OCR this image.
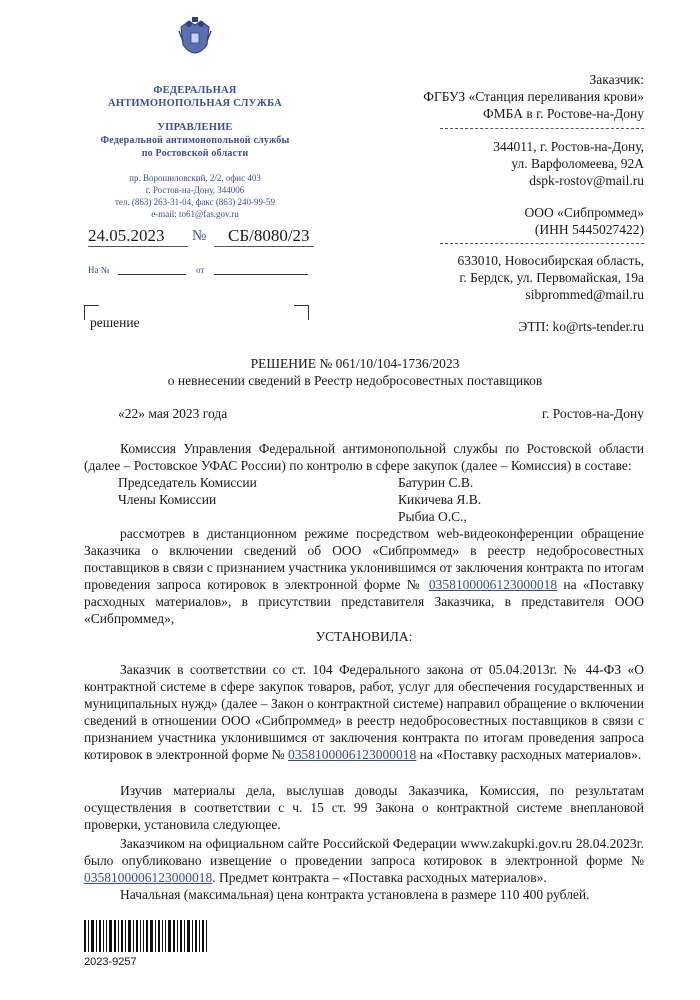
ФЕДЕРАЛЬНАЯ
АНТИМОНОПОЛЬНАЯ СЛУЖБА
УПРАВЛЕНИЕ
Федеральной антимонопольной службы
по Ростовской области
пр. Ворошиловский, 2/2, офис 403
г. Ростов-на-Дону, 344006
тел. (863) 263-31-04, факс (863) 240-99-59
e-mail: to61@fas.gov.ru
24.05.2023	№	СБ/8080/23
На №	от
решение
Заказчик:
ФГБУЗ «Станция переливания крови»
ФМБА в г. Ростове-на-Дону
344011, г. Ростов-на-Дону,
ул. Варфоломеева, 92А
dspk-rostov@mail.ru
ООО «Сибпроммед»
(ИНН 5445027422)
633010, Новосибирская область,
г. Бердск, ул. Первомайская, 19а
sibprommed@mail.ru
ЭТП: ko@rts-tender.ru
РЕШЕНИЕ № 061/10/104-1736/2023
о невнесении сведений в Реестр недобросовестных поставщиков
«22» мая 2023 года	г. Ростов-на-Дону
Комиссия Управления Федеральной антимонопольной службы по Ростовской области (далее – Ростовское УФАС России) по контролю в сфере закупок (далее – Комиссия) в составе:
Председатель Комиссии	Батурин С.В.
Члены Комиссии	Кикичева Я.В.
Рыбиа О.С.,
рассмотрев в дистанционном режиме посредством web-видеоконференции обращение Заказчика о включении сведений об ООО «Сибпроммед» в реестр недобросовестных поставщиков в связи с признанием участника уклонившимся от заключения контракта по итогам проведения запроса котировок в электронной форме № 0358100006123000018 на «Поставку расходных материалов», в присутствии представителя Заказчика, в представителя ООО «Сибпроммед»,
УСТАНОВИЛА:
Заказчик в соответствии со ст. 104 Федерального закона от 05.04.2013г. № 44-ФЗ «О контрактной системе в сфере закупок товаров, работ, услуг для обеспечения государственных и муниципальных нужд» (далее – Закон о контрактной системе) направил обращение о включении сведений в отношении ООО «Сибпроммед» в реестр недобросовестных поставщиков в связи с признанием участника уклонившимся от заключения контракта по итогам проведения запроса котировок в электронной форме № 0358100006123000018 на «Поставку расходных материалов».
Изучив материалы дела, выслушав доводы Заказчика, Комиссия, по результатам осуществления в соответствии с ч. 15 ст. 99 Закона о контрактной системе внеплановой проверки, установила следующее.
Заказчиком на официальном сайте Российской Федерации www.zakupki.gov.ru 28.04.2023г. было опубликовано извещение о проведении запроса котировок в электронной форме № 0358100006123000018. Предмет контракта – «Поставка расходных материалов».
Начальная (максимальная) цена контракта установлена в размере 110 400 рублей.
2023-9257
